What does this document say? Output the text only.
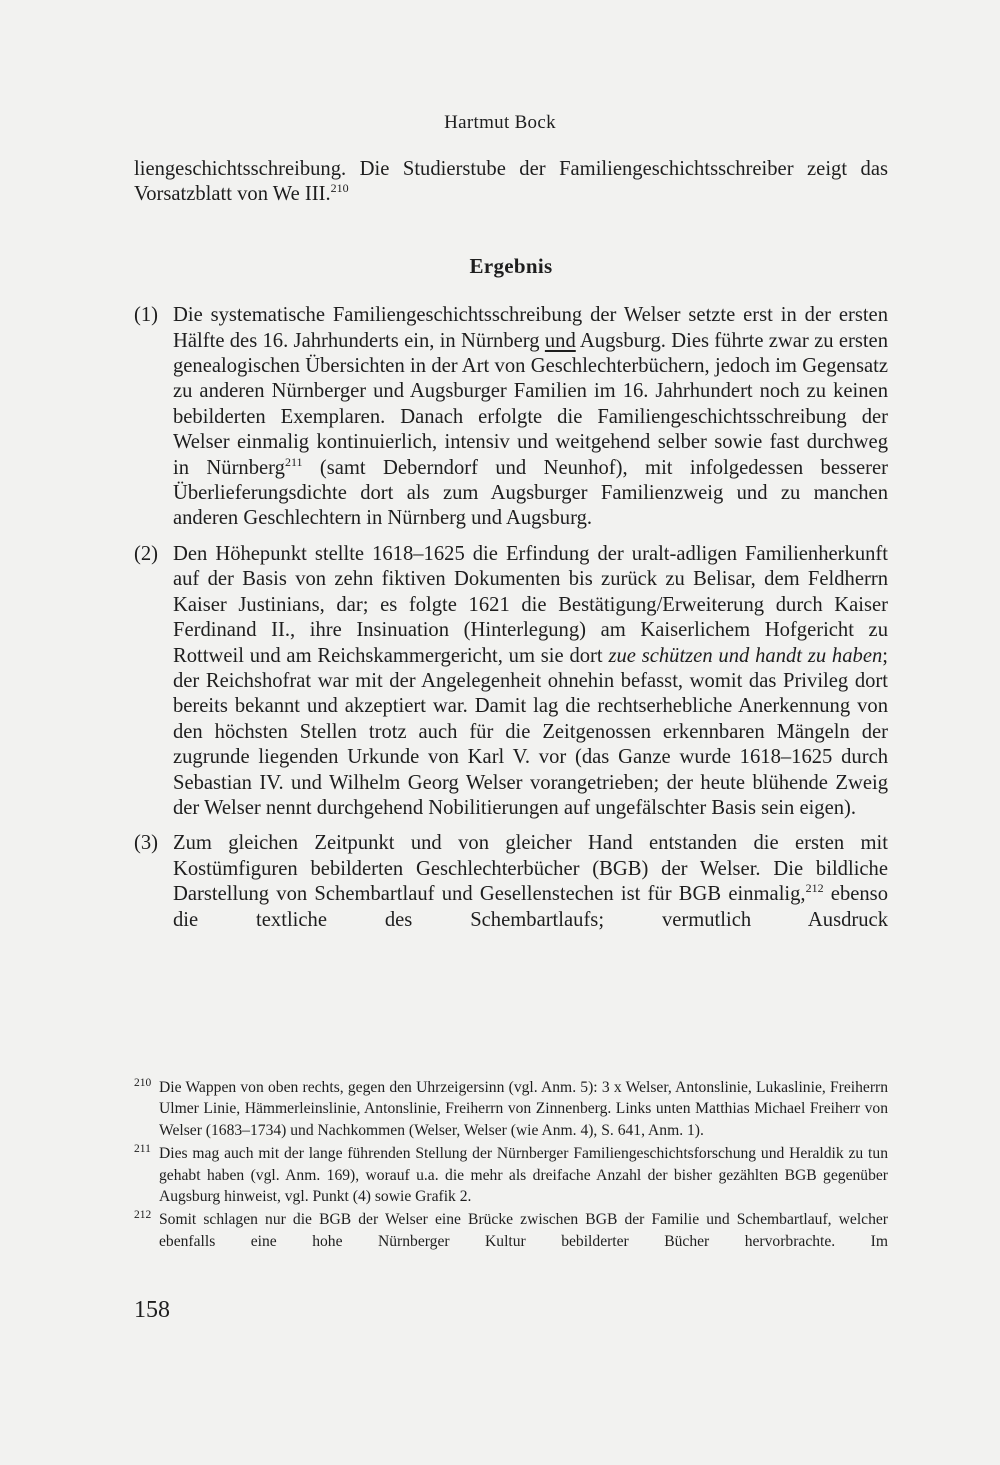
Hartmut Bock

liengeschichtsschreibung. Die Studierstube der Familiengeschichtsschreiber zeigt das Vorsatzblatt von We III.$^{210}$

Ergebnis
(1) Die systematische Familiengeschichtsschreibung der Welser setzte erst in der ersten Hälfte des 16. Jahrhunderts ein, in Nürnberg und Augsburg. Dies führte zwar zu ersten genealogischen Übersichten in der Art von Geschlechterbüchern, jedoch im Gegensatz zu anderen Nürnberger und Augsburger Familien im 16. Jahrhundert noch zu keinen bebilderten Exemplaren. Danach erfolgte die Familiengeschichtsschreibung der Welser einmalig kontinuierlich, intensiv und weitgehend selber sowie fast durchweg in Nürnberg$^{211}$ (samt Deberndorf und Neunhof), mit infolgedessen besserer Überlieferungsdichte dort als zum Augsburger Familienzweig und zu manchen anderen Geschlechtern in Nürnberg und Augsburg.

(2) Den Höhepunkt stellte 1618–1625 die Erfindung der uralt-adligen Familienherkunft auf der Basis von zehn fiktiven Dokumenten bis zurück zu Belisar, dem Feldherrn Kaiser Justinians, dar; es folgte 1621 die Bestätigung/Erweiterung durch Kaiser Ferdinand II., ihre Insinuation (Hinterlegung) am Kaiserlichem Hofgericht zu Rottweil und am Reichskammergericht, um sie dort zue schützen und handt zu haben; der Reichshofrat war mit der Angelegenheit ohnehin befasst, womit das Privileg dort bereits bekannt und akzeptiert war. Damit lag die rechtserhebliche Anerkennung von den höchsten Stellen trotz auch für die Zeitgenossen erkennbaren Mängeln der zugrunde liegenden Urkunde von Karl V. vor (das Ganze wurde 1618–1625 durch Sebastian IV. und Wilhelm Georg Welser vorangetrieben; der heute blühende Zweig der Welser nennt durchgehend Nobilitierungen auf ungefälschter Basis sein eigen).

(3) Zum gleichen Zeitpunkt und von gleicher Hand entstanden die ersten mit Kostümfiguren bebilderten Geschlechterbücher (BGB) der Welser. Die bildliche Darstellung von Schembartlauf und Gesellenstechen ist für BGB einmalig,$^{212}$ ebenso die textliche des Schembartlaufs; vermutlich Ausdruck

210 Die Wappen von oben rechts, gegen den Uhrzeigersinn (vgl. Anm. 5): 3 x Welser, Antonslinie, Lukaslinie, Freiherrn Ulmer Linie, Hämmerleinslinie, Antonslinie, Freiherrn von Zinnenberg. Links unten Matthias Michael Freiherr von Welser (1683–1734) und Nachkommen (Welser, Welser (wie Anm. 4), S. 641, Anm. 1).

211 Dies mag auch mit der lange führenden Stellung der Nürnberger Familiengeschichtsforschung und Heraldik zu tun gehabt haben (vgl. Anm. 169), worauf u.a. die mehr als dreifache Anzahl der bisher gezählten BGB gegenüber Augsburg hinweist, vgl. Punkt (4) sowie Grafik 2.

212 Somit schlagen nur die BGB der Welser eine Brücke zwischen BGB der Familie und Schembartlauf, welcher ebenfalls eine hohe Nürnberger Kultur bebilderter Bücher hervorbrachte. Im

158
